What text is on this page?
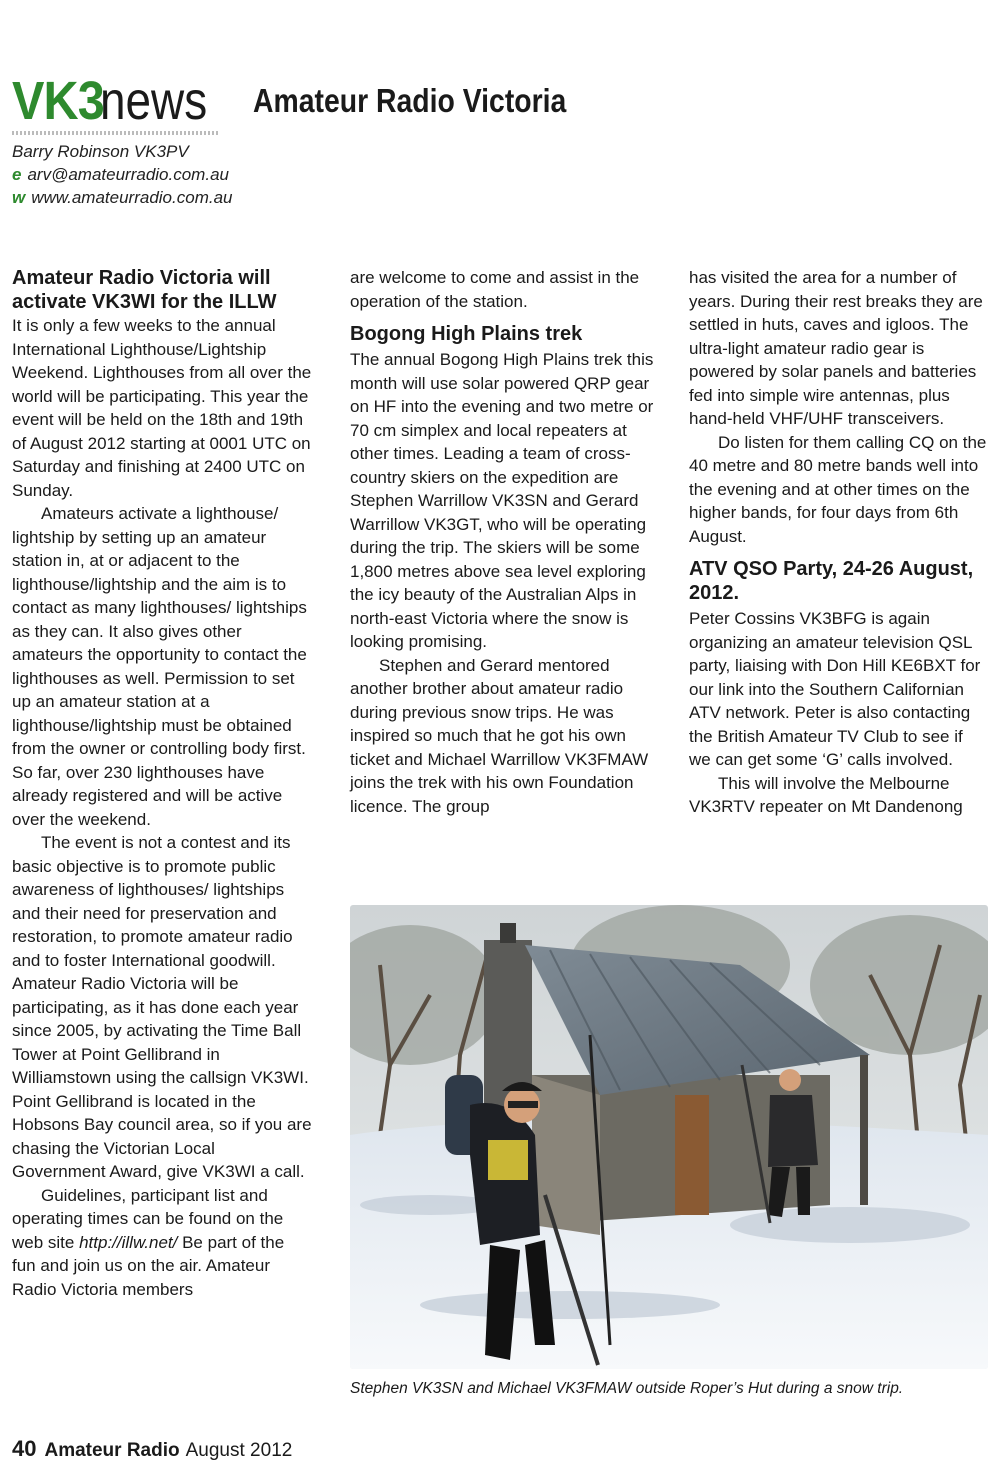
VK3news	Amateur Radio Victoria
Barry Robinson VK3PV
e arv@amateurradio.com.au
w www.amateurradio.com.au
Amateur Radio Victoria will activate VK3WI for the ILLW

It is only a few weeks to the annual International Lighthouse/Lightship Weekend. Lighthouses from all over the world will be participating. This year the event will be held on the 18th and 19th of August 2012 starting at 0001 UTC on Saturday and finishing at 2400 UTC on Sunday.

Amateurs activate a lighthouse/ lightship by setting up an amateur station in, at or adjacent to the lighthouse/lightship and the aim is to contact as many lighthouses/ lightships as they can. It also gives other amateurs the opportunity to contact the lighthouses as well. Permission to set up an amateur station at a lighthouse/lightship must be obtained from the owner or controlling body first. So far, over 230 lighthouses have already registered and will be active over the weekend.

The event is not a contest and its basic objective is to promote public awareness of lighthouses/ lightships and their need for preservation and restoration, to promote amateur radio and to foster International goodwill. Amateur Radio Victoria will be participating, as it has done each year since 2005, by activating the Time Ball Tower at Point Gellibrand in Williamstown using the callsign VK3WI. Point Gellibrand is located in the Hobsons Bay council area, so if you are chasing the Victorian Local Government Award, give VK3WI a call.

Guidelines, participant list and operating times can be found on the web site http://illw.net/ Be part of the fun and join us on the air. Amateur Radio Victoria members

are welcome to come and assist in the operation of the station.

Bogong High Plains trek

The annual Bogong High Plains trek this month will use solar powered QRP gear on HF into the evening and two metre or 70 cm simplex and local repeaters at other times. Leading a team of cross-country skiers on the expedition are Stephen Warrillow VK3SN and Gerard Warrillow VK3GT, who will be operating during the trip. The skiers will be some 1,800 metres above sea level exploring the icy beauty of the Australian Alps in north-east Victoria where the snow is looking promising.

Stephen and Gerard mentored another brother about amateur radio during previous snow trips. He was inspired so much that he got his own ticket and Michael Warrillow VK3FMAW joins the trek with his own Foundation licence. The group

has visited the area for a number of years. During their rest breaks they are settled in huts, caves and igloos. The ultra-light amateur radio gear is powered by solar panels and batteries fed into simple wire antennas, plus hand-held VHF/UHF transceivers.

Do listen for them calling CQ on the 40 metre and 80 metre bands well into the evening and at other times on the higher bands, for four days from 6th August.

ATV QSO Party, 24-26 August, 2012.

Peter Cossins VK3BFG is again organizing an amateur television QSL party, liaising with Don Hill KE6BXT for our link into the Southern Californian ATV network. Peter is also contacting the British Amateur TV Club to see if we can get some ‘G’ calls involved.

This will involve the Melbourne VK3RTV repeater on Mt Dandenong

Stephen VK3SN and Michael VK3FMAW outside Roper’s Hut during a snow trip.
40 Amateur Radio August 2012
